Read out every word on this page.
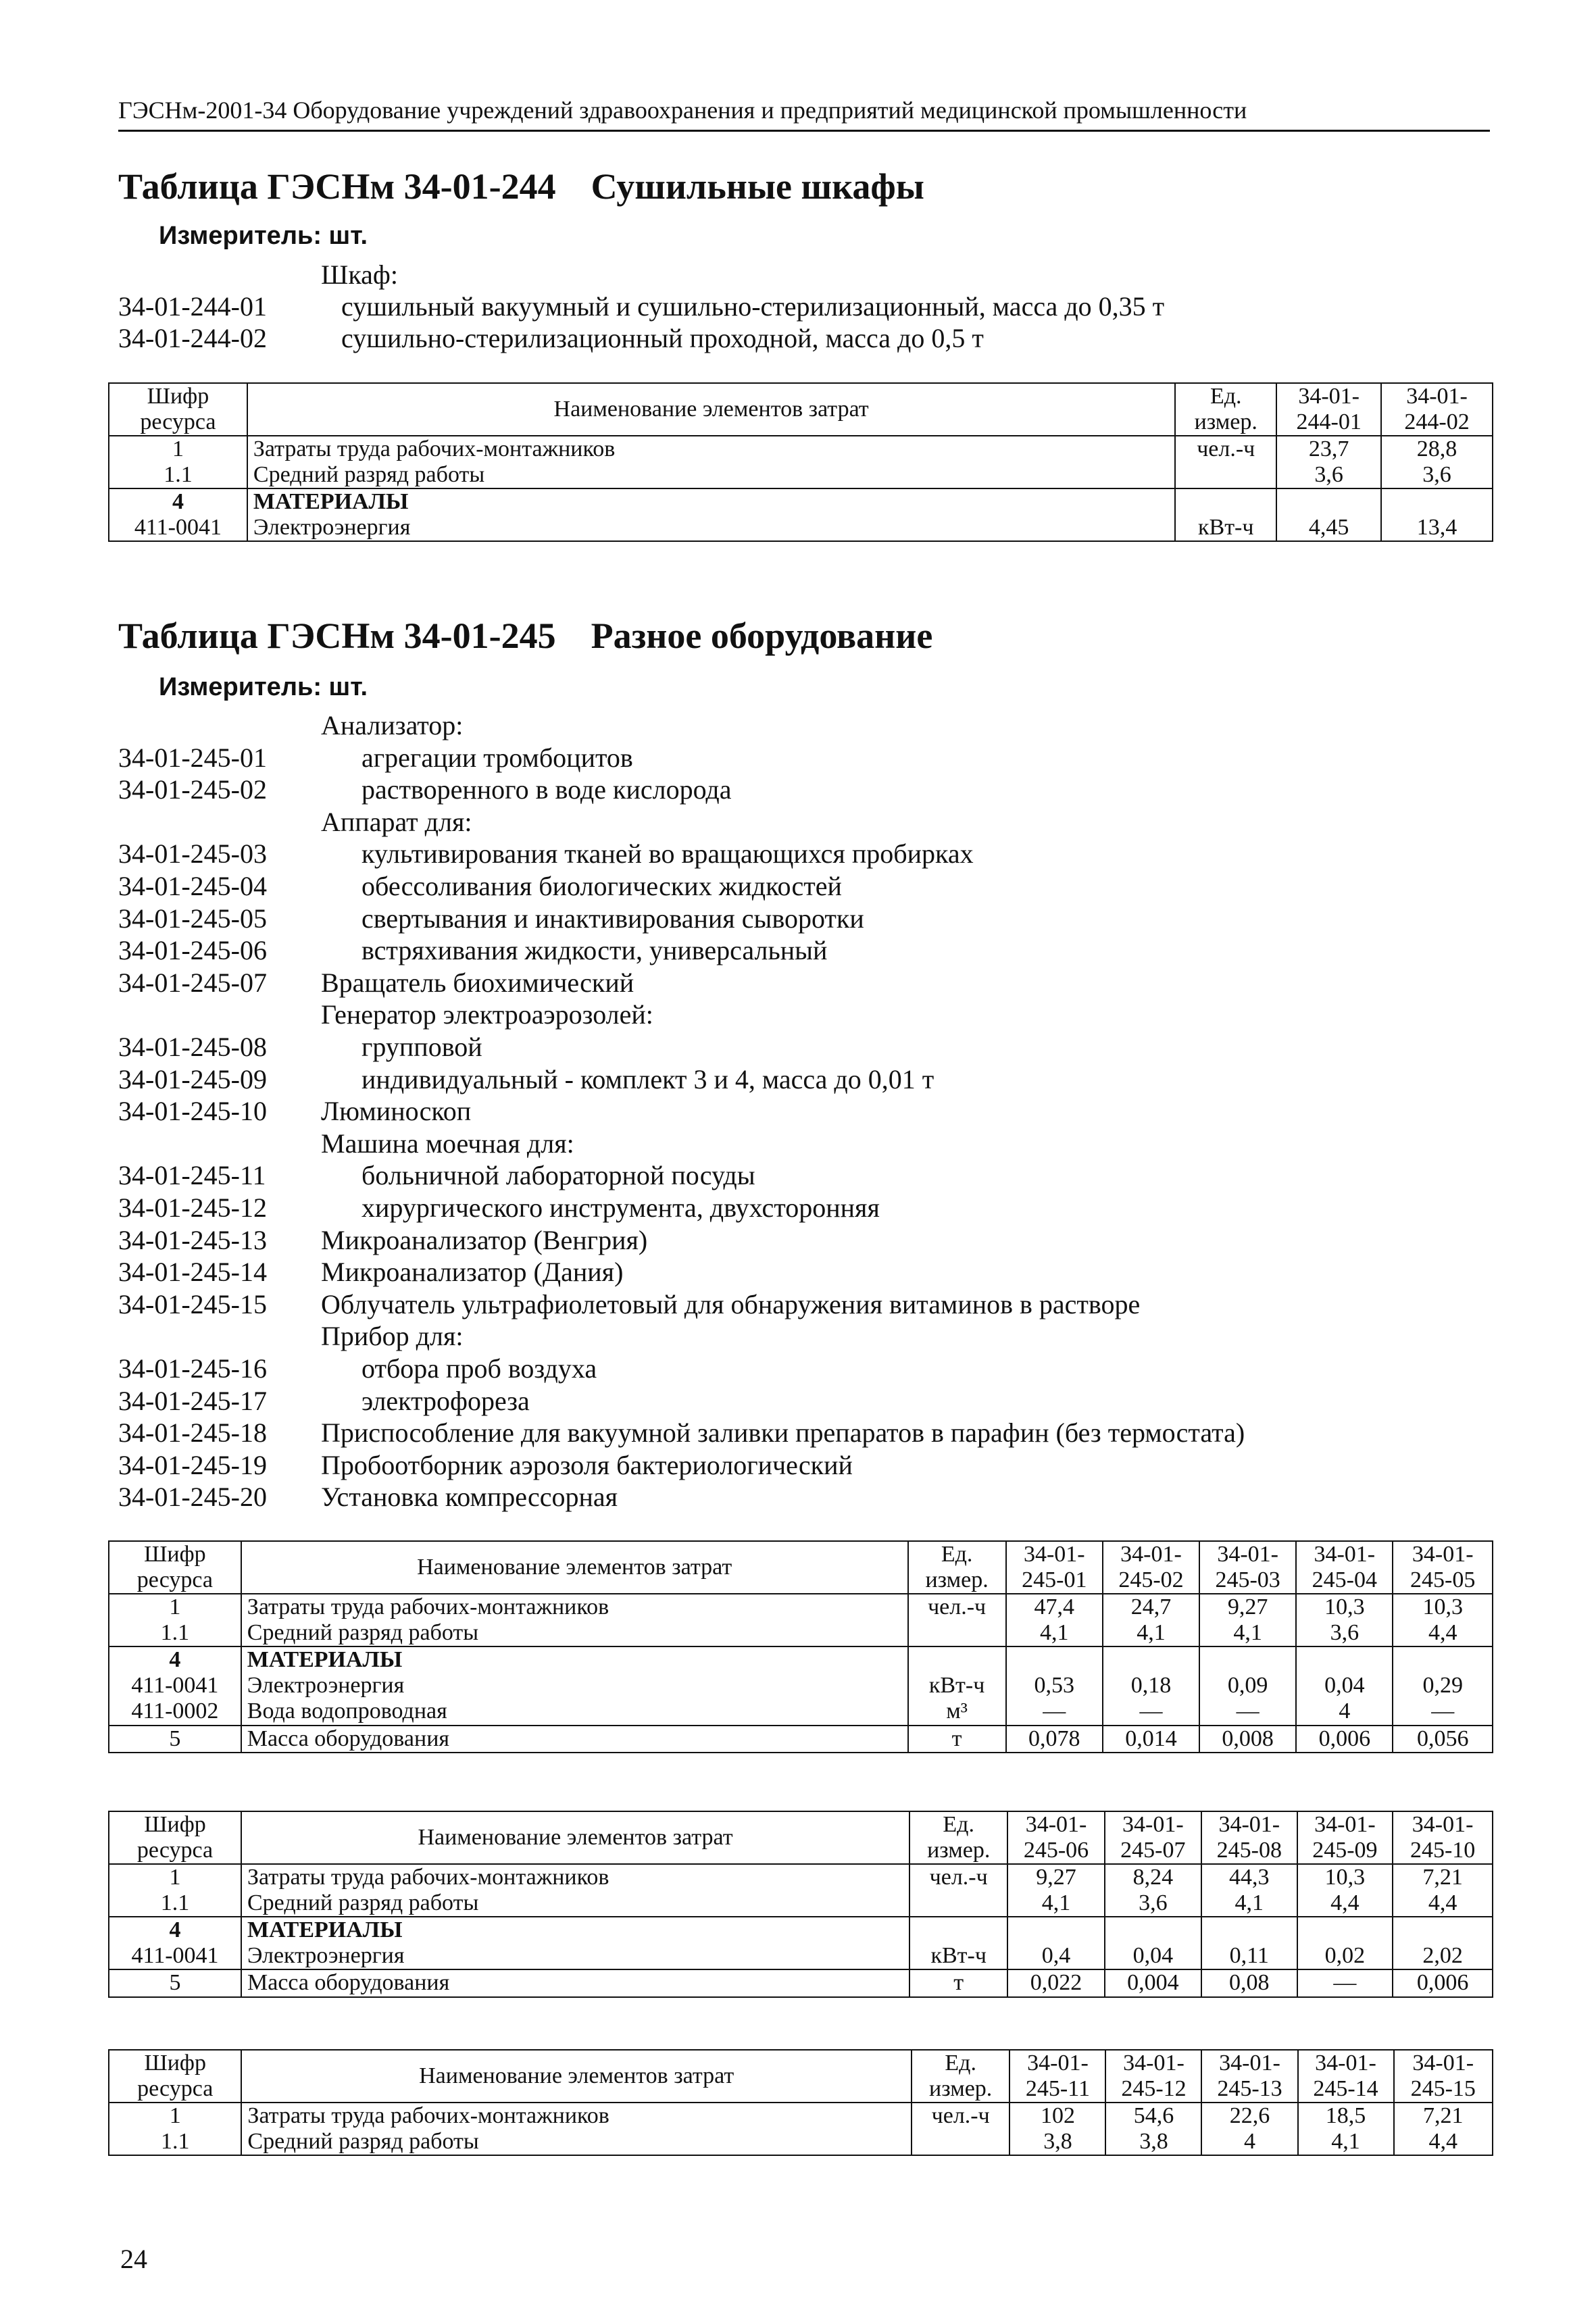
ГЭСНм-2001-34 Оборудование учреждений здравоохранения и предприятий медицинской промышленности
Таблица ГЭСНм 34-01-244 Сушильные шкафы
Измеритель: шт.
Шкаф:
34-01-244-01	сушильный вакуумный и сушильно-стерилизационный, масса до 0,35 т
34-01-244-02	сушильно-стерилизационный проходной, масса до 0,5 т
Шифр ресурса	Наименование элементов затрат	Ед. измер.	34-01-244-01	34-01-244-02
1	Затраты труда рабочих-монтажников	чел.-ч	23,7	28,8
1.1	Средний разряд работы		3,6	3,6
4	МАТЕРИАЛЫ			
411-0041	Электроэнергия	кВт-ч	4,45	13,4
Таблица ГЭСНм 34-01-245 Разное оборудование
Измеритель: шт.
Анализатор:
34-01-245-01	агрегации тромбоцитов
34-01-245-02	растворенного в воде кислорода
Аппарат для:
34-01-245-03	культивирования тканей во вращающихся пробирках
34-01-245-04	обессоливания биологических жидкостей
34-01-245-05	свертывания и инактивирования сыворотки
34-01-245-06	встряхивания жидкости, универсальный
34-01-245-07 Вращатель биохимический
Генератор электроаэрозолей:
34-01-245-08	групповой
34-01-245-09	индивидуальный - комплект 3 и 4, масса до 0,01 т
34-01-245-10 Люминоскоп
Машина моечная для:
34-01-245-11	больничной лабораторной посуды
34-01-245-12	хирургического инструмента, двухсторонняя
34-01-245-13 Микроанализатор (Венгрия)
34-01-245-14 Микроанализатор (Дания)
34-01-245-15 Облучатель ультрафиолетовый для обнаружения витаминов в растворе
Прибор для:
34-01-245-16	отбора проб воздуха
34-01-245-17	электрофореза
34-01-245-18 Приспособление для вакуумной заливки препаратов в парафин (без термостата)
34-01-245-19 Пробоотборник аэрозоля бактериологический
34-01-245-20 Установка компрессорная
Шифр ресурса	Наименование элементов затрат	Ед. измер.	34-01-245-01	34-01-245-02	34-01-245-03	34-01-245-04	34-01-245-05
1	Затраты труда рабочих-монтажников	чел.-ч	47,4	24,7	9,27	10,3	10,3
1.1	Средний разряд работы		4,1	4,1	4,1	3,6	4,4
4	МАТЕРИАЛЫ						
411-0041	Электроэнергия	кВт-ч	0,53	0,18	0,09	0,04	0,29
411-0002	Вода водопроводная	м³	—	—	—	4	—
5	Масса оборудования	т	0,078	0,014	0,008	0,006	0,056
Шифр ресурса	Наименование элементов затрат	Ед. измер.	34-01-245-06	34-01-245-07	34-01-245-08	34-01-245-09	34-01-245-10
1	Затраты труда рабочих-монтажников	чел.-ч	9,27	8,24	44,3	10,3	7,21
1.1	Средний разряд работы		4,1	3,6	4,1	4,4	4,4
4	МАТЕРИАЛЫ						
411-0041	Электроэнергия	кВт-ч	0,4	0,04	0,11	0,02	2,02
5	Масса оборудования	т	0,022	0,004	0,08	—	0,006
Шифр ресурса	Наименование элементов затрат	Ед. измер.	34-01-245-11	34-01-245-12	34-01-245-13	34-01-245-14	34-01-245-15
1	Затраты труда рабочих-монтажников	чел.-ч	102	54,6	22,6	18,5	7,21
1.1	Средний разряд работы		3,8	3,8	4	4,1	4,4
24
